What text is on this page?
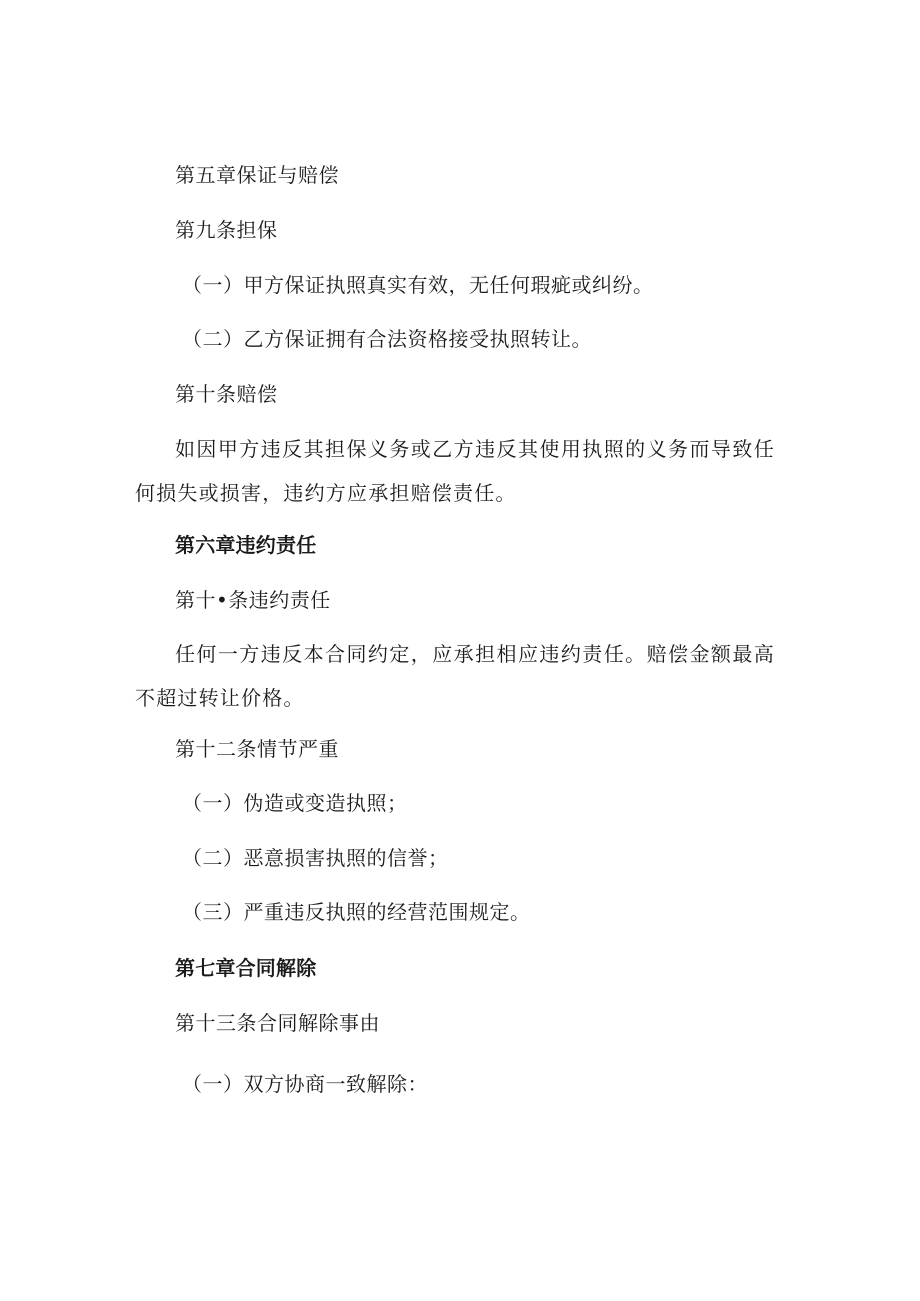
第五章保证与赔偿
第九条担保
（一）甲方保证执照真实有效，无任何瑕疵或纠纷。
（二）乙方保证拥有合法资格接受执照转让。
第十条赔偿
如因甲方违反其担保义务或乙方违反其使用执照的义务而导致任何损失或损害，违约方应承担赔偿责任。
第六章违约责任
第十•条违约责任
任何一方违反本合同约定，应承担相应违约责任。赔偿金额最高不超过转让价格。
第十二条情节严重
（一）伪造或变造执照；
（二）恶意损害执照的信誉；
（三）严重违反执照的经营范围规定。
第七章合同解除
第十三条合同解除事由
（一）双方协商一致解除：
